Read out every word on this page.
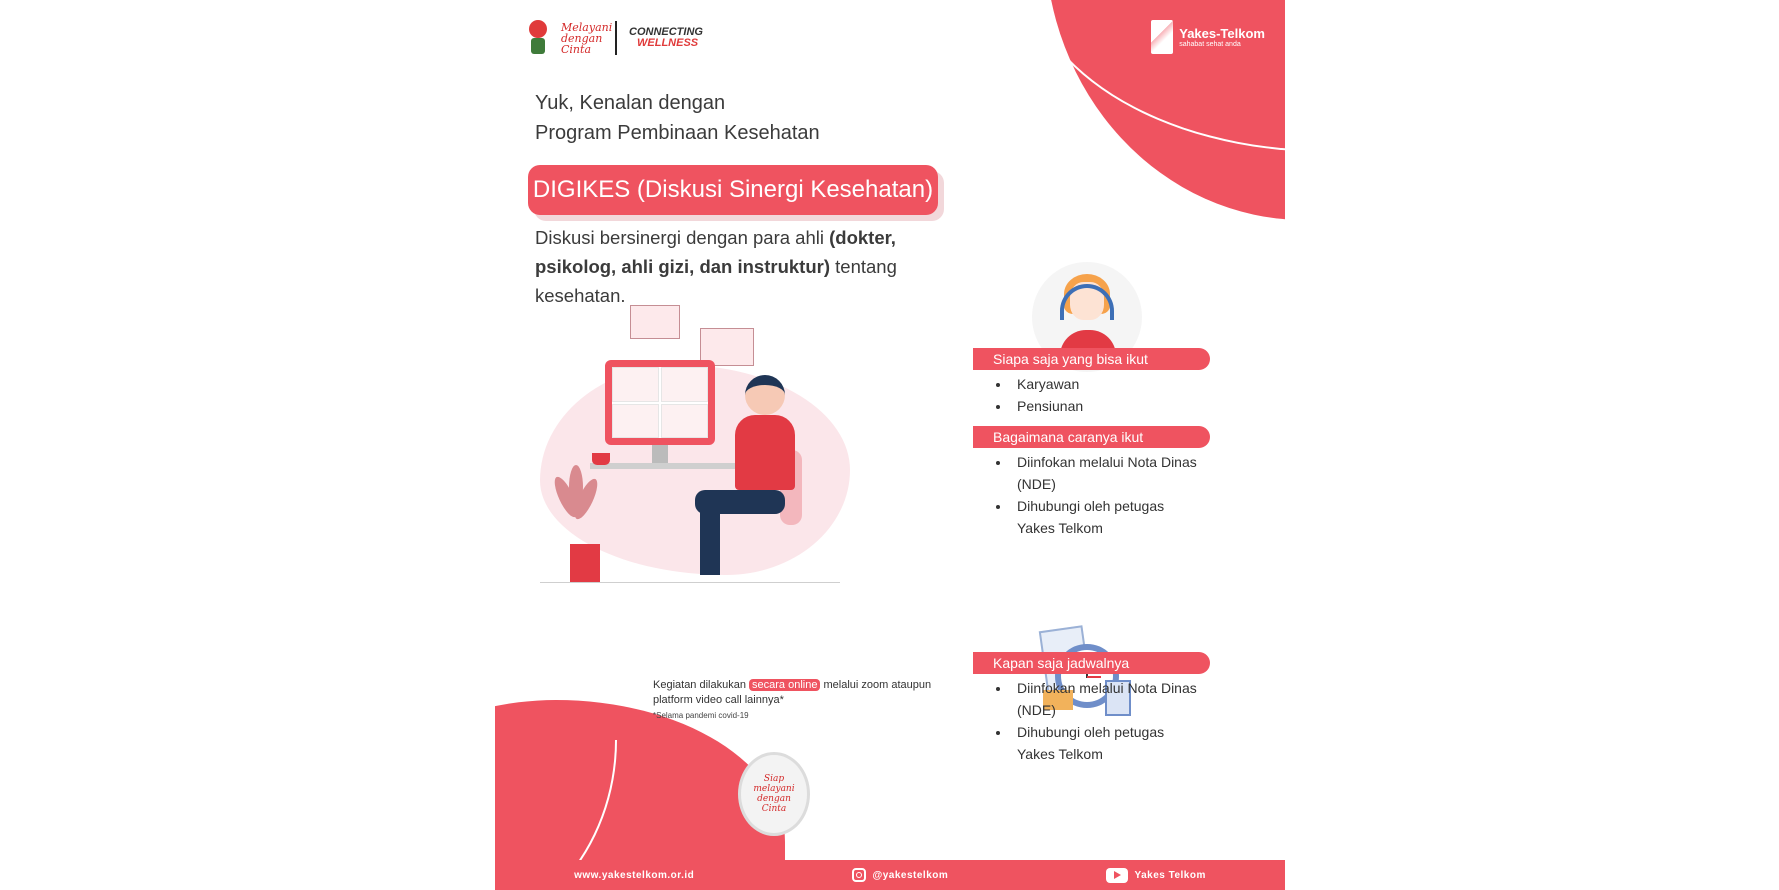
Melayani dengan Cinta
CONNECTING
WELLNESS
Yakes-Telkom
sahabat sehat anda
Yuk, Kenalan dengan
Program Pembinaan Kesehatan
DIGIKES (Diskusi Sinergi Kesehatan)
Diskusi bersinergi dengan para ahli (dokter, psikolog, ahli gizi, dan instruktur) tentang kesehatan.
Kegiatan dilakukan secara online melalui zoom ataupun platform video call lainnya*
*Selama pandemi covid-19
Siap melayani dengan Cinta
Siapa saja yang bisa ikut
• Karyawan
• Pensiunan
Bagaimana caranya ikut
• Diinfokan melalui Nota Dinas (NDE)
• Dihubungi oleh petugas Yakes Telkom
Kapan saja jadwalnya
• Diinfokan melalui Nota Dinas (NDE)
• Dihubungi oleh petugas Yakes Telkom
www.yakestelkom.or.id	@yakestelkom	Yakes Telkom
